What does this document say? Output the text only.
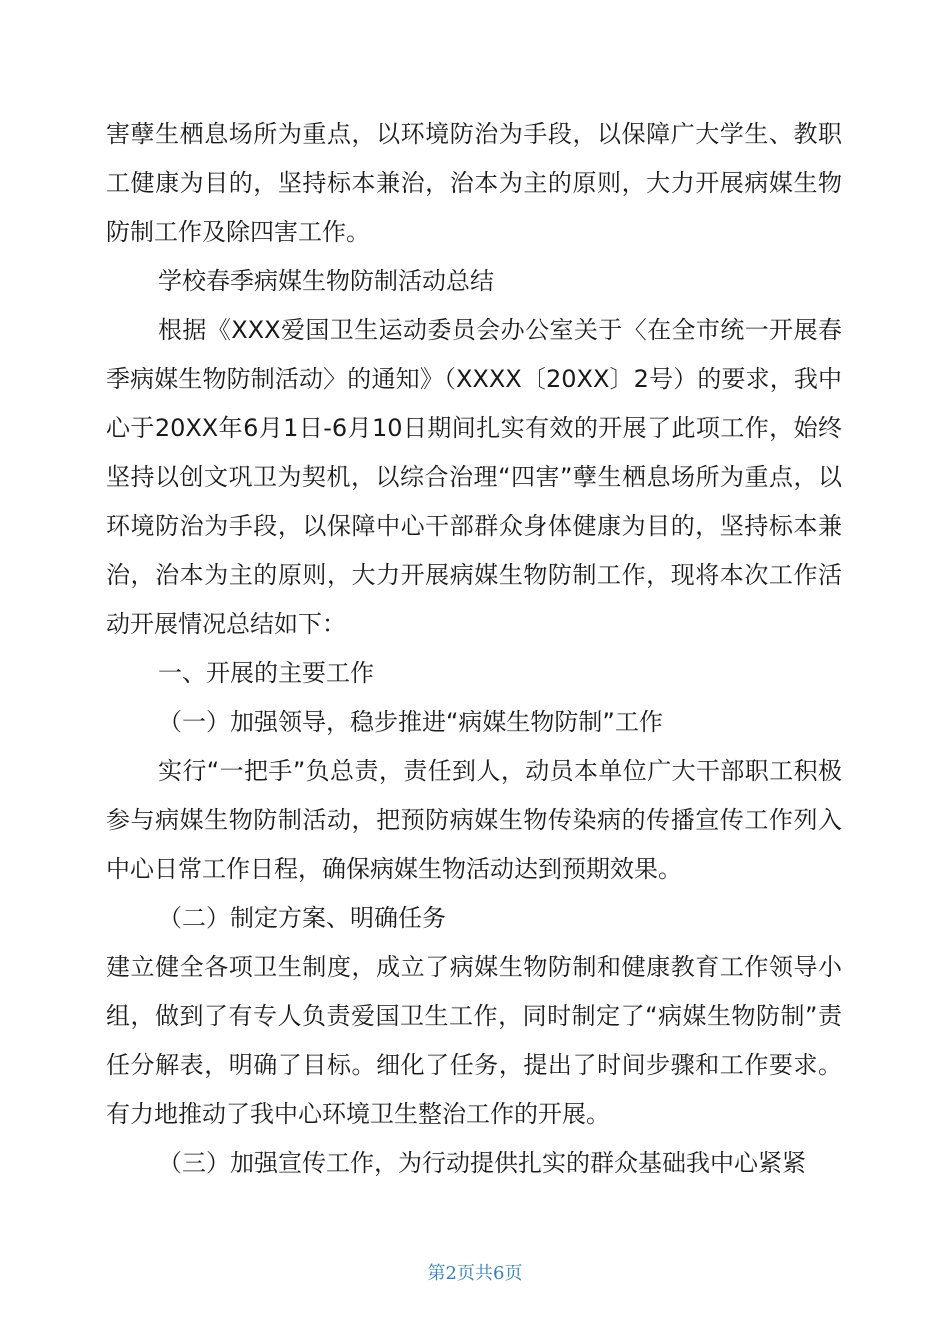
害孽生栖息场所为重点，以环境防治为手段，以保障广大学生、教职工健康为目的，坚持标本兼治，治本为主的原则，大力开展病媒生物防制工作及除四害工作。

学校春季病媒生物防制活动总结

根据《XXX爱国卫生运动委员会办公室关于〈在全市统一开展春季病媒生物防制活动〉的通知》（XXXX〔20XX〕2号）的要求，我中心于20XX年6月1日-6月10日期间扎实有效的开展了此项工作，始终坚持以创文巩卫为契机，以综合治理“四害”孽生栖息场所为重点，以环境防治为手段，以保障中心干部群众身体健康为目的，坚持标本兼治，治本为主的原则，大力开展病媒生物防制工作，现将本次工作活动开展情况总结如下：

一、开展的主要工作

（一）加强领导，稳步推进“病媒生物防制”工作

实行“一把手”负总责，责任到人，动员本单位广大干部职工积极参与病媒生物防制活动，把预防病媒生物传染病的传播宣传工作列入中心日常工作日程，确保病媒生物活动达到预期效果。

（二）制定方案、明确任务

建立健全各项卫生制度，成立了病媒生物防制和健康教育工作领导小组，做到了有专人负责爱国卫生工作，同时制定了“病媒生物防制”责任分解表，明确了目标。细化了任务，提出了时间步骤和工作要求。有力地推动了我中心环境卫生整治工作的开展。

（三）加强宣传工作，为行动提供扎实的群众基础我中心紧紧

第2页共6页
